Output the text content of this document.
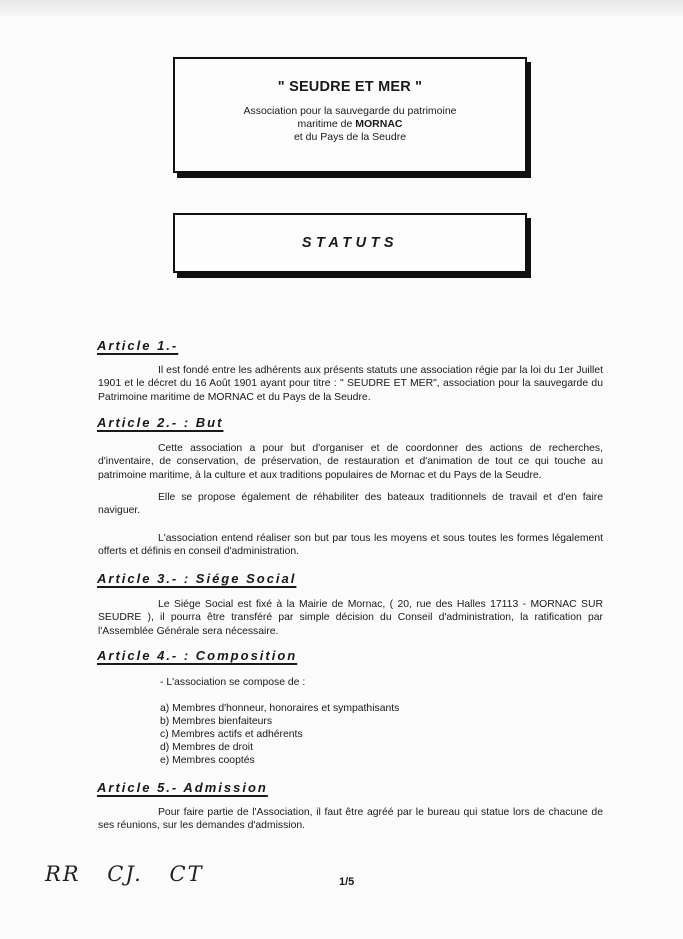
" SEUDRE ET MER "
Association pour la sauvegarde du patrimoine
maritime de MORNAC
et du Pays de la Seudre
STATUTS
Article 1.-
Il est fondé entre les adhérents aux présents statuts une association régie par la loi du 1er Juillet 1901 et le décret du 16 Août 1901 ayant pour titre : " SEUDRE ET MER", association pour la sauvegarde du Patrimoine maritime de MORNAC et du Pays de la Seudre.
Article 2.- : But
Cette association a pour but d'organiser et de coordonner des actions de recherches, d'inventaire, de conservation, de préservation, de restauration et d'animation de tout ce qui touche au patrimoine maritime, à la culture et aux traditions populaires de Mornac et du Pays de la Seudre.
Elle se propose également de réhabiliter des bateaux traditionnels de travail et d'en faire naviguer.
L'association entend réaliser son but par tous les moyens et sous toutes les formes légalement offerts et définis en conseil d'administration.
Article 3.- : Siége Social
Le Siége Social est fixé à la Mairie de Mornac, ( 20, rue des Halles 17113 - MORNAC SUR SEUDRE ), il pourra être transféré par simple décision du Conseil d'administration, la ratification par l'Assemblée Générale sera nécessaire.
Article 4.- : Composition
- L'association se compose de :
a) Membres d'honneur, honoraires et sympathisants
b) Membres bienfaiteurs
c) Membres actifs et adhérents
d) Membres de droit
e) Membres cooptés
Article 5.- Admission
Pour faire partie de l'Association, il faut être agréé par le bureau qui statue lors de chacune de ses réunions, sur les demandes d'admission.
RR CJ. CT	1/5
